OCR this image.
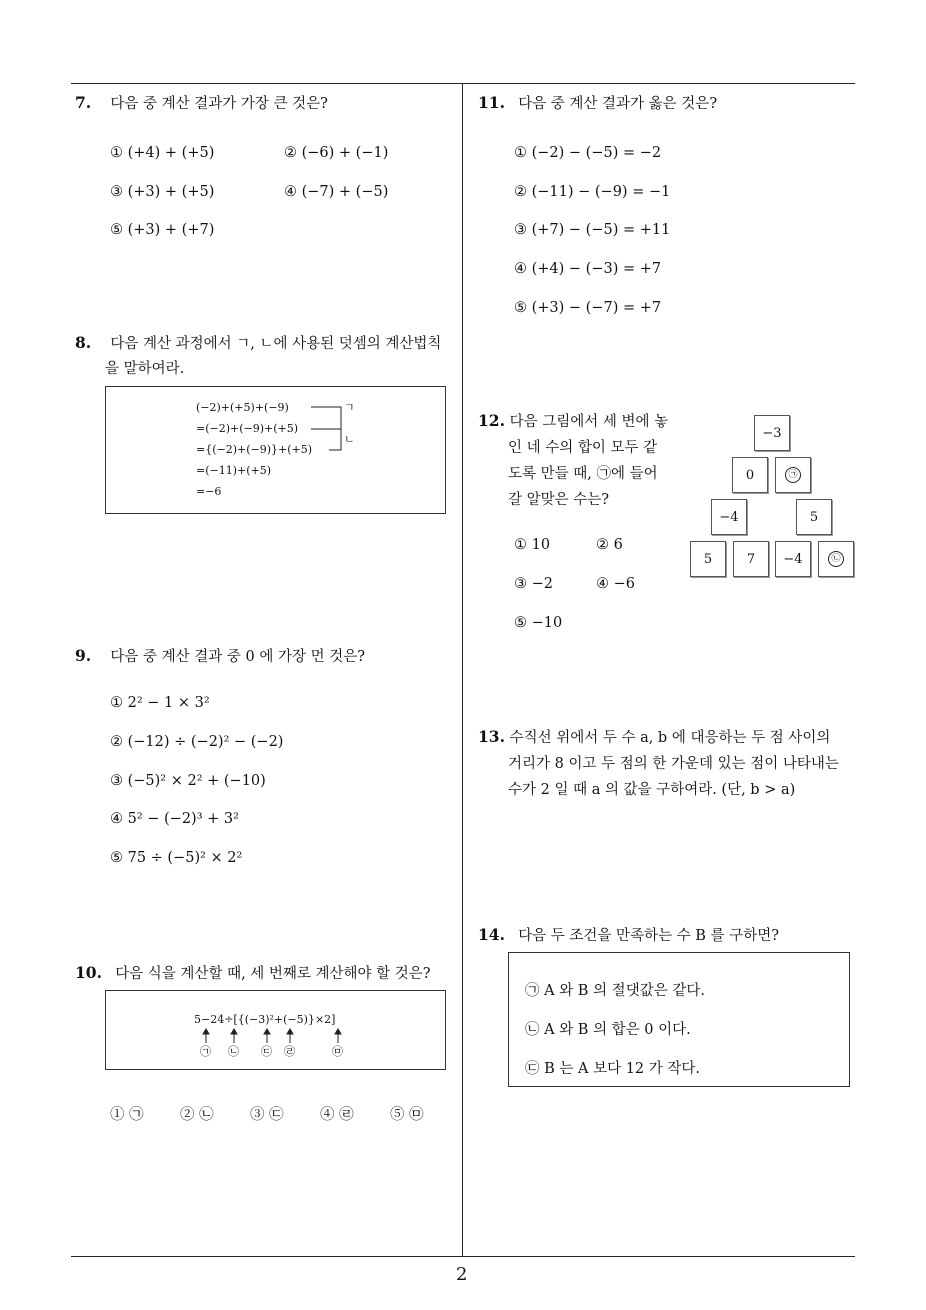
2
7. 다음 중 계산 결과가 가장 큰 것은?
① (+4) + (+5)	② (−6) + (−1)
③ (+3) + (+5)	④ (−7) + (−5)
⑤ (+3) + (+7)
8. 다음 계산 과정에서 ㄱ, ㄴ에 사용된 덧셈의 계산법칙
을 말하여라.
(−2)+(+5)+(−9)
=(−2)+(−9)+(+5)
={(−2)+(−9)}+(+5)
=(−11)+(+5)
=−6
ㄱ
ㄴ
9. 다음 중 계산 결과 중 0 에 가장 먼 것은?
① 2² − 1 × 3²
② (−12) ÷ (−2)² − (−2)
③ (−5)² × 2² + (−10)
④ 5² − (−2)³ + 3²
⑤ 75 ÷ (−5)² × 2²
10. 다음 식을 계산할 때, 세 번째로 계산해야 할 것은?
5−24÷[{(−3)²+(−5)}×2]
㉠ ㉡ ㉢ ㉣	㉤
① ㉠	② ㉡	③ ㉢	④ ㉣	⑤ ㉤
11. 다음 중 계산 결과가 옳은 것은?
① (−2) − (−5) = −2
② (−11) − (−9) = −1
③ (+7) − (−5) = +11
④ (+4) − (−3) = +7
⑤ (+3) − (−7) = +7
12. 다음 그림에서 세 변에 놓
인 네 수의 합이 모두 같
도록 만들 때, ㉠에 들어
갈 알맞은 수는?
① 10	② 6
③ −2	④ −6
⑤ −10
−3
0	㉠
−4	5
5	7	−4	㉡
13. 수직선 위에서 두 수 a, b 에 대응하는 두 점 사이의
거리가 8 이고 두 점의 한 가운데 있는 점이 나타내는
수가 2 일 때 a 의 값을 구하여라. (단, b > a)
14. 다음 두 조건을 만족하는 수 B 를 구하면?
㉠ A 와 B 의 절댓값은 같다.
㉡ A 와 B 의 합은 0 이다.
㉢ B 는 A 보다 12 가 작다.
